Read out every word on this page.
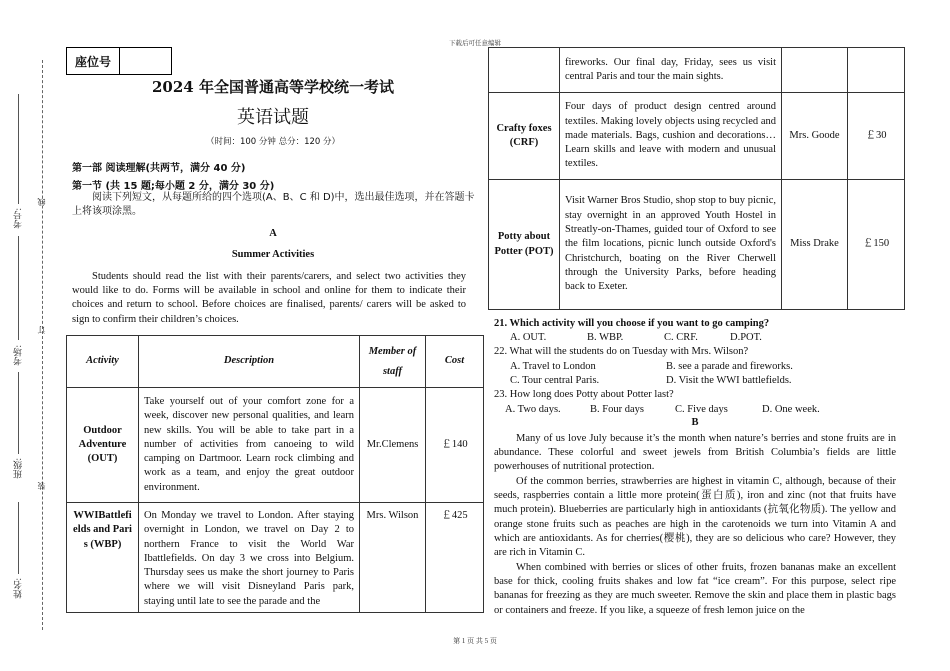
下载后可任意编辑
考号:
线
考场:
订
班级:
装
姓名:
座位号
2024 年全国普通高等学校统一考试
英语试题
（时间：100 分钟 总分：120 分）
第一部 阅读理解(共两节，满分 40 分)
第一节 (共 15 题;每小题 2 分，满分 30 分)
阅读下列短文，从每题所给的四个选项(A、B、C 和 D)中，选出最佳选项，并在答题卡上将该项涂黑。
A
Summer Activities
Students should read the list with their parents/carers, and select two activities they would like to do. Forms will be available in school and online for them to indicate their choices and return to school. Before choices are finalised, parents/ carers will be asked to sign to confirm their children’s choices.
Activity	Description	Member of staff	Cost
Outdoor Adventure (OUT)	Take yourself out of your comfort zone for a week, discover new personal qualities, and learn new skills. You will be able to take part in a number of activities from canoeing to wild camping on Dartmoor. Learn rock climbing and work as a team, and enjoy the great outdoor environment.	Mr.Clemens	￡140
WWIBattlefields and Paris (WBP)	On Monday we travel to London. After staying overnight in London, we travel on Day 2 to northern France to visit the World War Ibattlefields. On day 3 we cross into Belgium. Thursday sees us make the short journey to Paris where we will visit Disneyland Paris park, staying until late to see the parade and the	Mrs. Wilson	￡425
	fireworks. Our final day, Friday, sees us visit central Paris and tour the main sights.		
Crafty foxes (CRF)	Four days of product design centred around textiles. Making lovely objects using recycled and made materials. Bags, cushion and decorations… Learn skills and leave with modern and unusual textiles.	Mrs. Goode	￡30
Potty about Potter (POT)	Visit Warner Bros Studio, shop stop to buy picnic, stay overnight in an approved Youth Hostel in Streatly-on-Thames, guided tour of Oxford to see the film locations, picnic lunch outside Oxford's Christchurch, boating on the River Cherwell through the University Parks, before heading back to Exeter.	Miss Drake	￡150
21. Which activity will you choose if you want to go camping?
A. OUT.	B. WBP.	C. CRF.	D.POT.
22. What will the students do on Tuesday with Mrs. Wilson?
A. Travel to London	B. see a parade and fireworks.
C. Tour central Paris.	D. Visit the WWI battlefields.
23. How long does Potty about Potter last?
A. Two days.	B. Four days	C. Five days	D. One week.
B
Many of us love July because it’s the month when nature’s berries and stone fruits are in abundance. These colorful and sweet jewels from British Columbia’s fields are little powerhouses of nutritional protection.
Of the common berries, strawberries are highest in vitamin C, although, because of their seeds, raspberries contain a little more protein(蛋白质), iron and zinc (not that fruits have much protein). Blueberries are particularly high in antioxidants (抗氧化物质). The yellow and orange stone fruits such as peaches are high in the carotenoids we turn into Vitamin A and which are antioxidants. As for cherries(樱桃), they are so delicious who care? However, they are rich in Vitamin C.
When combined with berries or slices of other fruits, frozen bananas make an excellent base for thick, cooling fruits shakes and low fat “ice cream”. For this purpose, select ripe bananas for freezing as they are much sweeter. Remove the skin and place them in plastic bags or containers and freeze. If you like, a squeeze of fresh lemon juice on the
第 1 页 共 5 页
